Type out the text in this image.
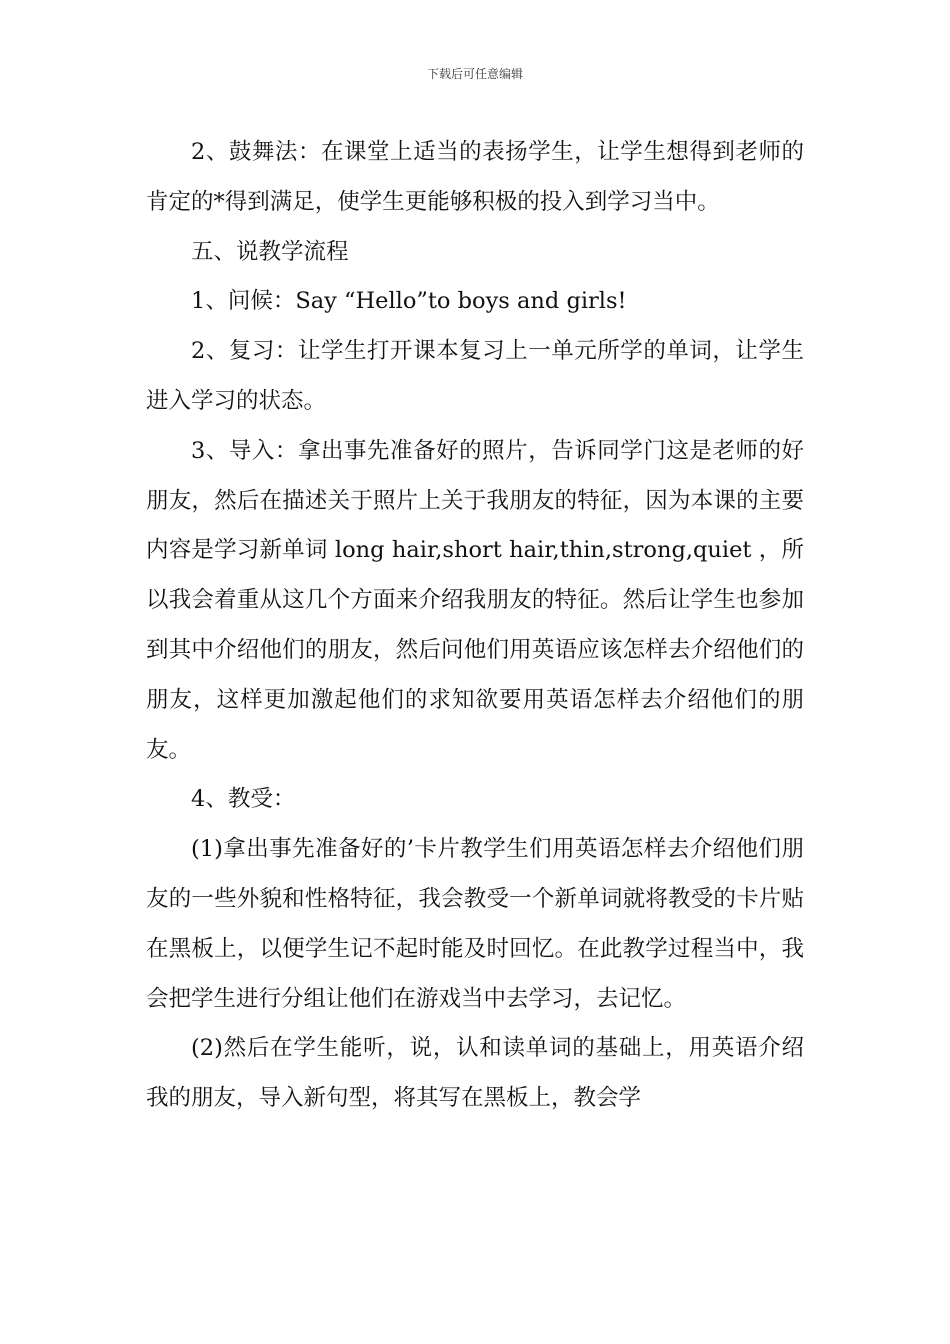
下载后可任意编辑

2、鼓舞法：在课堂上适当的表扬学生，让学生想得到老师的肯定的*得到满足，使学生更能够积极的投入到学习当中。

五、说教学流程

1、问候：Say “Hello”to boys and girls!

2、复习：让学生打开课本复习上一单元所学的单词，让学生进入学习的状态。

3、导入：拿出事先准备好的照片，告诉同学门这是老师的好朋友，然后在描述关于照片上关于我朋友的特征，因为本课的主要内容是学习新单词 long hair,short hair,thin,strong,quiet ，所以我会着重从这几个方面来介绍我朋友的特征。然后让学生也参加到其中介绍他们的朋友，然后问他们用英语应该怎样去介绍他们的朋友，这样更加激起他们的求知欲要用英语怎样去介绍他们的朋友。

4、教受：

(1)拿出事先准备好的’卡片教学生们用英语怎样去介绍他们朋友的一些外貌和性格特征，我会教受一个新单词就将教受的卡片贴在黑板上，以便学生记不起时能及时回忆。在此教学过程当中，我会把学生进行分组让他们在游戏当中去学习，去记忆。

(2)然后在学生能听，说，认和读单词的基础上，用英语介绍我的朋友，导入新句型，将其写在黑板上，教会学
